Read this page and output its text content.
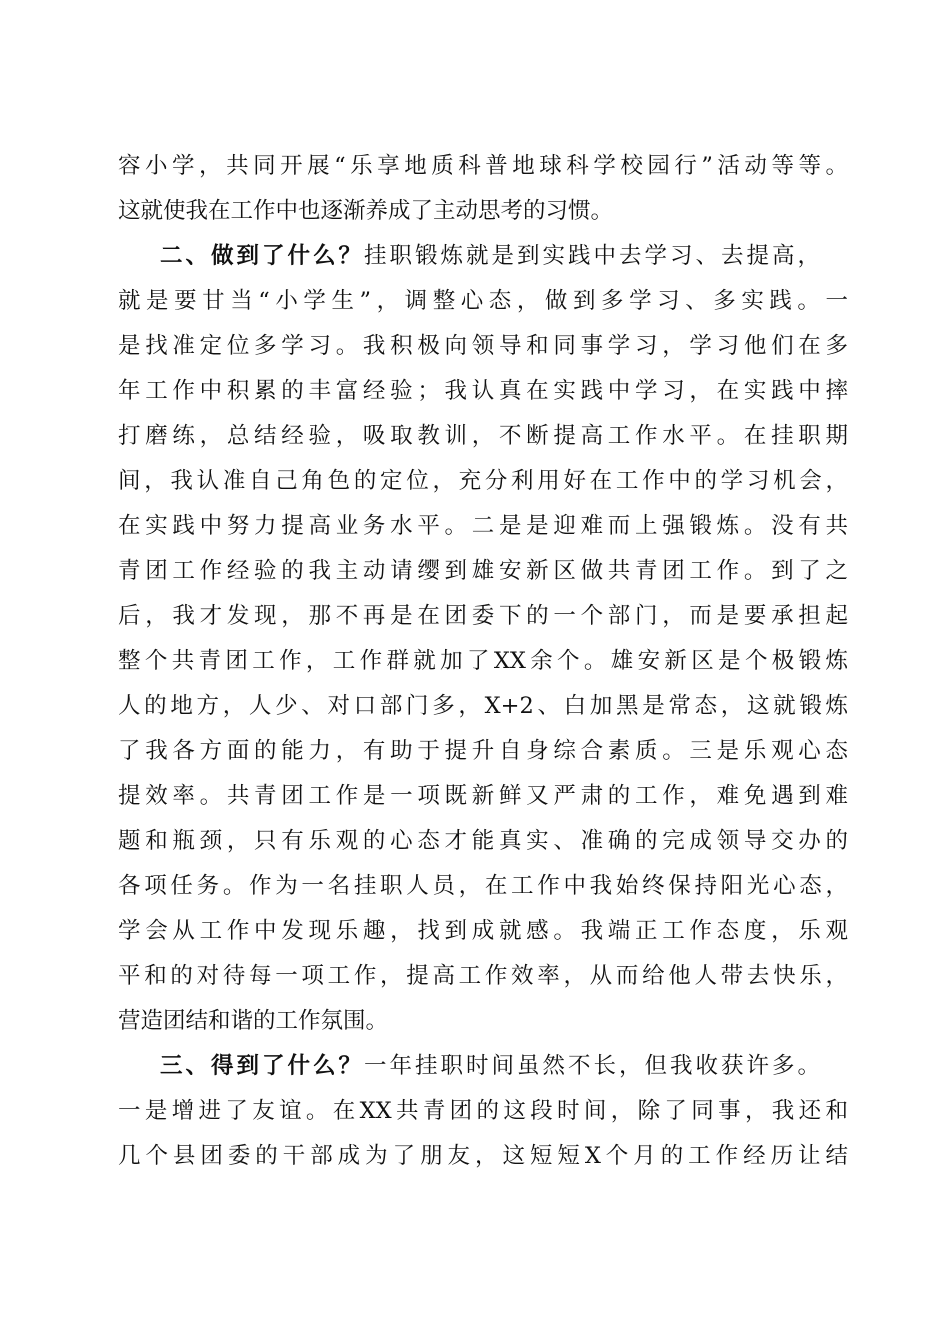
容小学，共同开展“乐享地质科普地球科学校园行”活动等等。
这就使我在工作中也逐渐养成了主动思考的习惯。
二、做到了什么？挂职锻炼就是到实践中去学习、去提高，
就是要甘当“小学生”，调整心态，做到多学习、多实践。一
是找准定位多学习。我积极向领导和同事学习，学习他们在多
年工作中积累的丰富经验；我认真在实践中学习，在实践中摔
打磨练，总结经验，吸取教训，不断提高工作水平。在挂职期
间，我认准自己角色的定位，充分利用好在工作中的学习机会，
在实践中努力提高业务水平。二是是迎难而上强锻炼。没有共
青团工作经验的我主动请缨到雄安新区做共青团工作。到了之
后，我才发现，那不再是在团委下的一个部门，而是要承担起
整个共青团工作，工作群就加了XX余个。雄安新区是个极锻炼
人的地方，人少、对口部门多，X+2、白加黑是常态，这就锻炼
了我各方面的能力，有助于提升自身综合素质。三是乐观心态
提效率。共青团工作是一项既新鲜又严肃的工作，难免遇到难
题和瓶颈，只有乐观的心态才能真实、准确的完成领导交办的
各项任务。作为一名挂职人员，在工作中我始终保持阳光心态，
学会从工作中发现乐趣，找到成就感。我端正工作态度，乐观
平和的对待每一项工作，提高工作效率，从而给他人带去快乐，
营造团结和谐的工作氛围。
三、得到了什么？一年挂职时间虽然不长，但我收获许多。
一是增进了友谊。在XX共青团的这段时间，除了同事，我还和
几个县团委的干部成为了朋友，这短短X个月的工作经历让结
